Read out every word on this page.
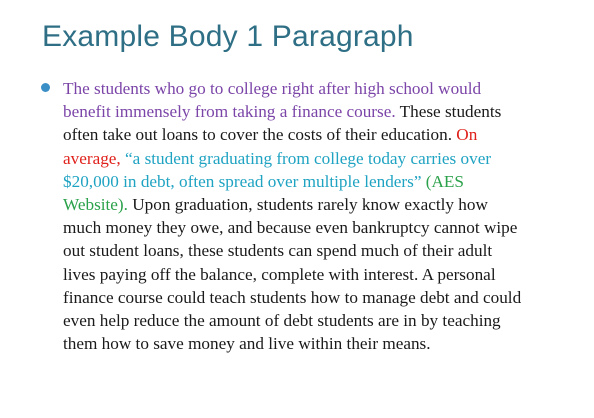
Example Body 1 Paragraph
The students who go to college right after high school would
benefit immensely from taking a finance course. These students
often take out loans to cover the costs of their education. On
average, “a student graduating from college today carries over
$20,000 in debt, often spread over multiple lenders” (AES
Website). Upon graduation, students rarely know exactly how
much money they owe, and because even bankruptcy cannot wipe
out student loans, these students can spend much of their adult
lives paying off the balance, complete with interest. A personal
finance course could teach students how to manage debt and could
even help reduce the amount of debt students are in by teaching
them how to save money and live within their means.
